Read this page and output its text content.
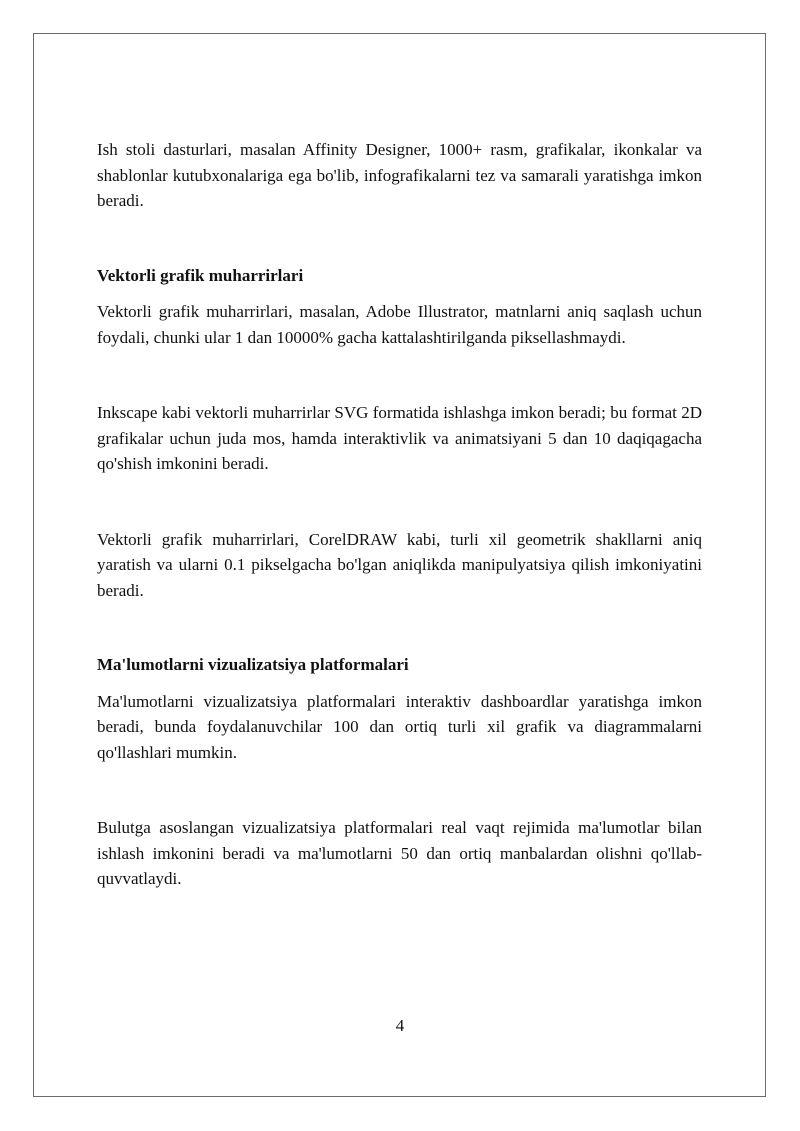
Ish stoli dasturlari, masalan Affinity Designer, 1000+ rasm, grafikalar, ikonkalar va shablonlar kutubxonalariga ega bo'lib, infografikalarni tez va samarali yaratishga imkon beradi.

Vektorli grafik muharrirlari

Vektorli grafik muharrirlari, masalan, Adobe Illustrator, matnlarni aniq saqlash uchun foydali, chunki ular 1 dan 10000% gacha kattalashtirilganda piksellashmaydi.

Inkscape kabi vektorli muharrirlar SVG formatida ishlashga imkon beradi; bu format 2D grafikalar uchun juda mos, hamda interaktivlik va animatsiyani 5 dan 10 daqiqagacha qo'shish imkonini beradi.

Vektorli grafik muharrirlari, CorelDRAW kabi, turli xil geometrik shakllarni aniq yaratish va ularni 0.1 pikselgacha bo'lgan aniqlikda manipulyatsiya qilish imkoniyatini beradi.

Ma'lumotlarni vizualizatsiya platformalari

Ma'lumotlarni vizualizatsiya platformalari interaktiv dashboardlar yaratishga imkon beradi, bunda foydalanuvchilar 100 dan ortiq turli xil grafik va diagrammalarni qo'llashlari mumkin.

Bulutga asoslangan vizualizatsiya platformalari real vaqt rejimida ma'lumotlar bilan ishlash imkonini beradi va ma'lumotlarni 50 dan ortiq manbalardan olishni qo'llab-quvvatlaydi.

4
